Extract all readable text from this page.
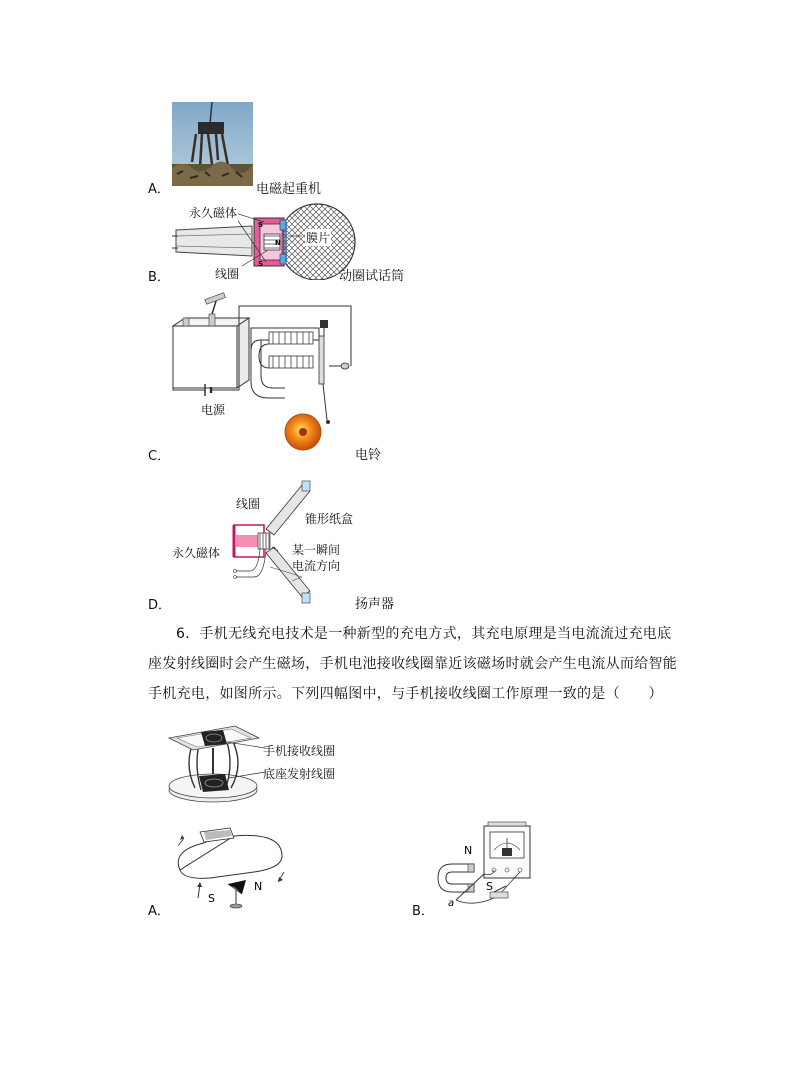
A．	电磁起重机
S
N
S
永久磁体
膜片
线圈
B．	动圈试话筒
电源
C．	电铃
线圈
锥形纸盒
永久磁体	某一瞬间
电流方向
D．	扬声器
6．手机无线充电技术是一种新型的充电方式，其充电原理是当电流流过充电底座发射线圈时会产生磁场，手机电池接收线圈靠近该磁场时就会产生电流从而给智能手机充电，如图所示。下列四幅图中，与手机接收线圈工作原理一致的是（　　）
手机接收线圈
底座发射线圈
S
N
A．
N
S
a
B．
